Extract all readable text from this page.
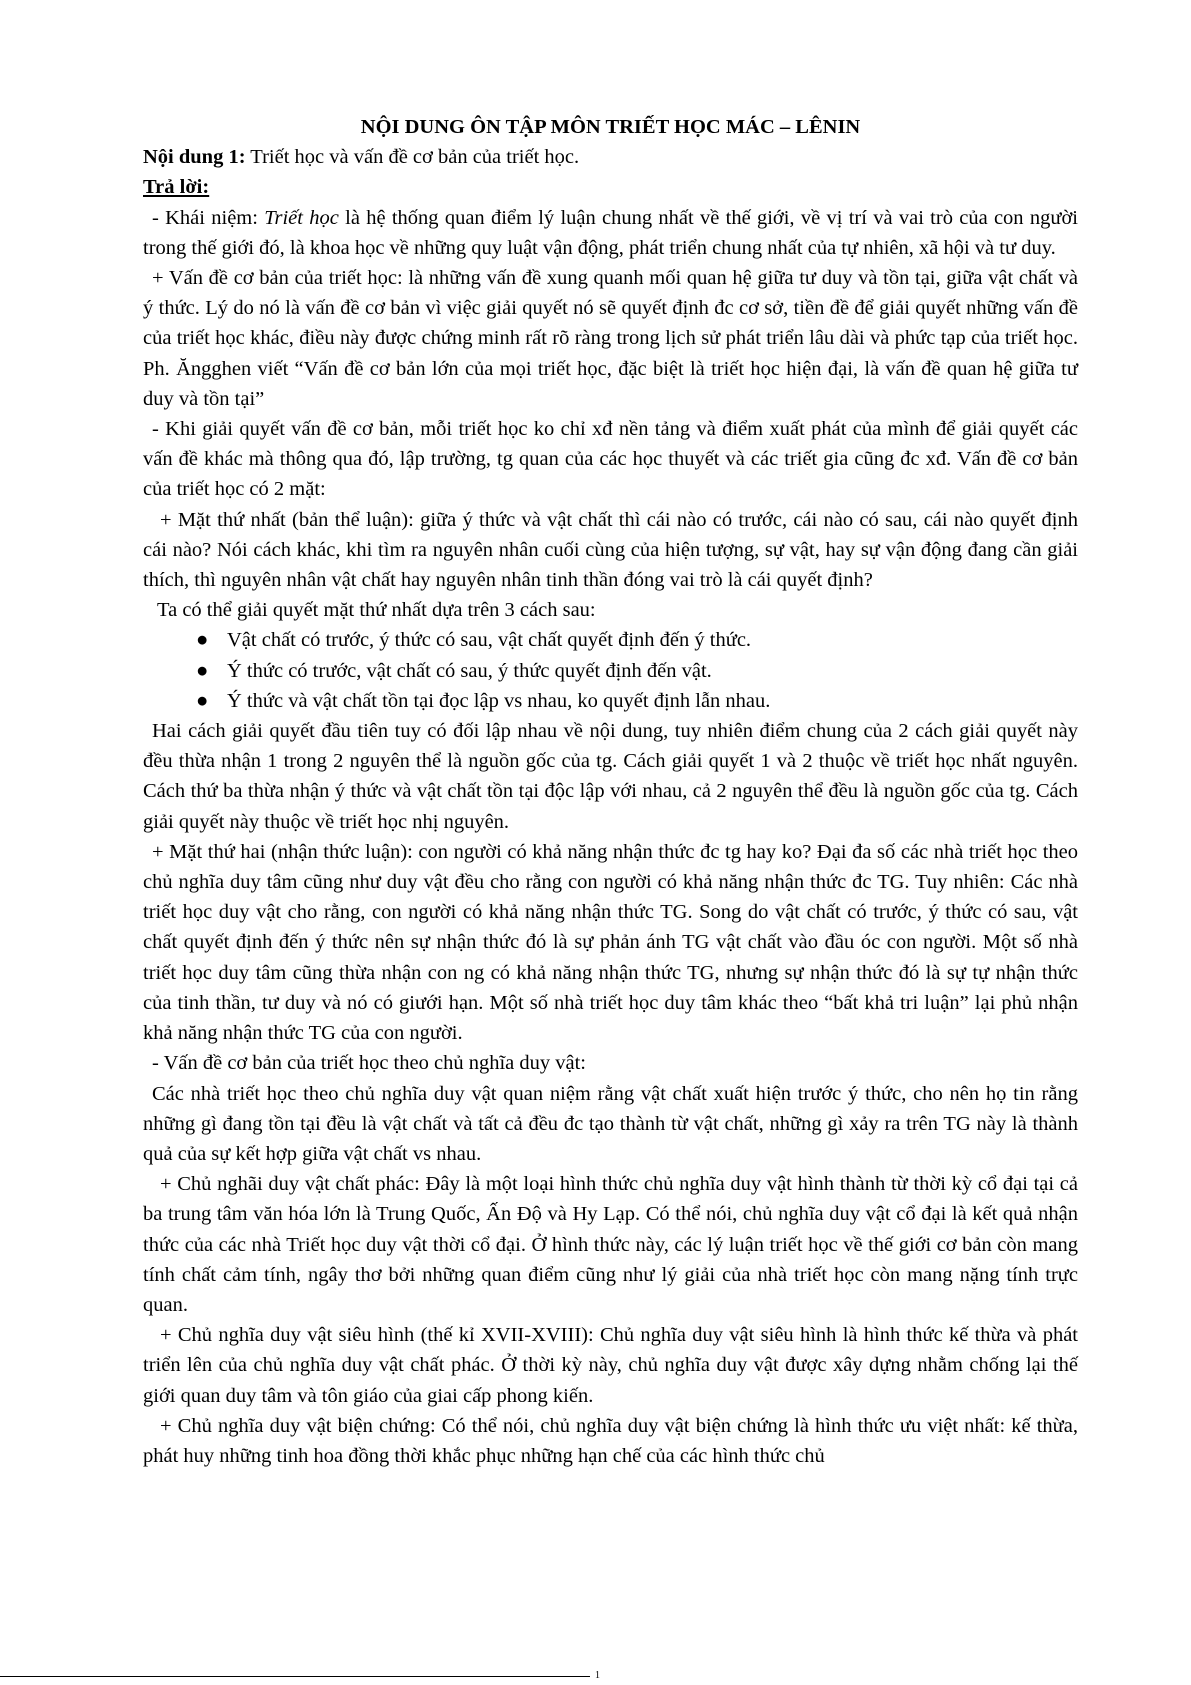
NỘI DUNG ÔN TẬP MÔN TRIẾT HỌC MÁC – LÊNIN

Nội dung 1: Triết học và vấn đề cơ bản của triết học.

Trả lời:

- Khái niệm: Triết học là hệ thống quan điểm lý luận chung nhất về thế giới, về vị trí và vai trò của con người trong thế giới đó, là khoa học về những quy luật vận động, phát triển chung nhất của tự nhiên, xã hội và tư duy.

+ Vấn đề cơ bản của triết học: là những vấn đề xung quanh mối quan hệ giữa tư duy và tồn tại, giữa vật chất và ý thức. Lý do nó là vấn đề cơ bản vì việc giải quyết nó sẽ quyết định đc cơ sở, tiền đề để giải quyết những vấn đề của triết học khác, điều này được chứng minh rất rõ ràng trong lịch sử phát triển lâu dài và phức tạp của triết học. Ph. Ăngghen viết “Vấn đề cơ bản lớn của mọi triết học, đặc biệt là triết học hiện đại, là vấn đề quan hệ giữa tư duy và tồn tại”

- Khi giải quyết vấn đề cơ bản, mỗi triết học ko chỉ xđ nền tảng và điểm xuất phát của mình để giải quyết các vấn đề khác mà thông qua đó, lập trường, tg quan của các học thuyết và các triết gia cũng đc xđ. Vấn đề cơ bản của triết học có 2 mặt:

+ Mặt thứ nhất (bản thể luận): giữa ý thức và vật chất thì cái nào có trước, cái nào có sau, cái nào quyết định cái nào? Nói cách khác, khi tìm ra nguyên nhân cuối cùng của hiện tượng, sự vật, hay sự vận động đang cần giải thích, thì nguyên nhân vật chất hay nguyên nhân tinh thần đóng vai trò là cái quyết định?

Ta có thể giải quyết mặt thứ nhất dựa trên 3 cách sau:

● Vật chất có trước, ý thức có sau, vật chất quyết định đến ý thức.
● Ý thức có trước, vật chất có sau, ý thức quyết định đến vật.
● Ý thức và vật chất tồn tại đọc lập vs nhau, ko quyết định lẫn nhau.

Hai cách giải quyết đầu tiên tuy có đối lập nhau về nội dung, tuy nhiên điểm chung của 2 cách giải quyết này đều thừa nhận 1 trong 2 nguyên thể là nguồn gốc của tg. Cách giải quyết 1 và 2 thuộc về triết học nhất nguyên. Cách thứ ba thừa nhận ý thức và vật chất tồn tại độc lập với nhau, cả 2 nguyên thể đều là nguồn gốc của tg. Cách giải quyết này thuộc về triết học nhị nguyên.

+ Mặt thứ hai (nhận thức luận): con người có khả năng nhận thức đc tg hay ko? Đại đa số các nhà triết học theo chủ nghĩa duy tâm cũng như duy vật đều cho rằng con người có khả năng nhận thức đc TG. Tuy nhiên: Các nhà triết học duy vật cho rằng, con người có khả năng nhận thức TG. Song do vật chất có trước, ý thức có sau, vật chất quyết định đến ý thức nên sự nhận thức đó là sự phản ánh TG vật chất vào đầu óc con người. Một số nhà triết học duy tâm cũng thừa nhận con ng có khả năng nhận thức TG, nhưng sự nhận thức đó là sự tự nhận thức của tinh thần, tư duy và nó có giưới hạn. Một số nhà triết học duy tâm khác theo “bất khả tri luận” lại phủ nhận khả năng nhận thức TG của con người.

- Vấn đề cơ bản của triết học theo chủ nghĩa duy vật:

Các nhà triết học theo chủ nghĩa duy vật quan niệm rằng vật chất xuất hiện trước ý thức, cho nên họ tin rằng những gì đang tồn tại đều là vật chất và tất cả đều đc tạo thành từ vật chất, những gì xảy ra trên TG này là thành quả của sự kết hợp giữa vật chất vs nhau.

+ Chủ nghãi duy vật chất phác: Đây là một loại hình thức chủ nghĩa duy vật hình thành từ thời kỳ cổ đại tại cả ba trung tâm văn hóa lớn là Trung Quốc, Ấn Độ và Hy Lạp. Có thể nói, chủ nghĩa duy vật cổ đại là kết quả nhận thức của các nhà Triết học duy vật thời cổ đại. Ở hình thức này, các lý luận triết học về thế giới cơ bản còn mang tính chất cảm tính, ngây thơ bởi những quan điểm cũng như lý giải của nhà triết học còn mang nặng tính trực quan.

+ Chủ nghĩa duy vật siêu hình (thế kỉ XVII-XVIII): Chủ nghĩa duy vật siêu hình là hình thức kế thừa và phát triển lên của chủ nghĩa duy vật chất phác. Ở thời kỳ này, chủ nghĩa duy vật được xây dựng nhằm chống lại thế giới quan duy tâm và tôn giáo của giai cấp phong kiến.

+ Chủ nghĩa duy vật biện chứng: Có thể nói, chủ nghĩa duy vật biện chứng là hình thức ưu việt nhất: kế thừa, phát huy những tinh hoa đồng thời khắc phục những hạn chế của các hình thức chủ

1
